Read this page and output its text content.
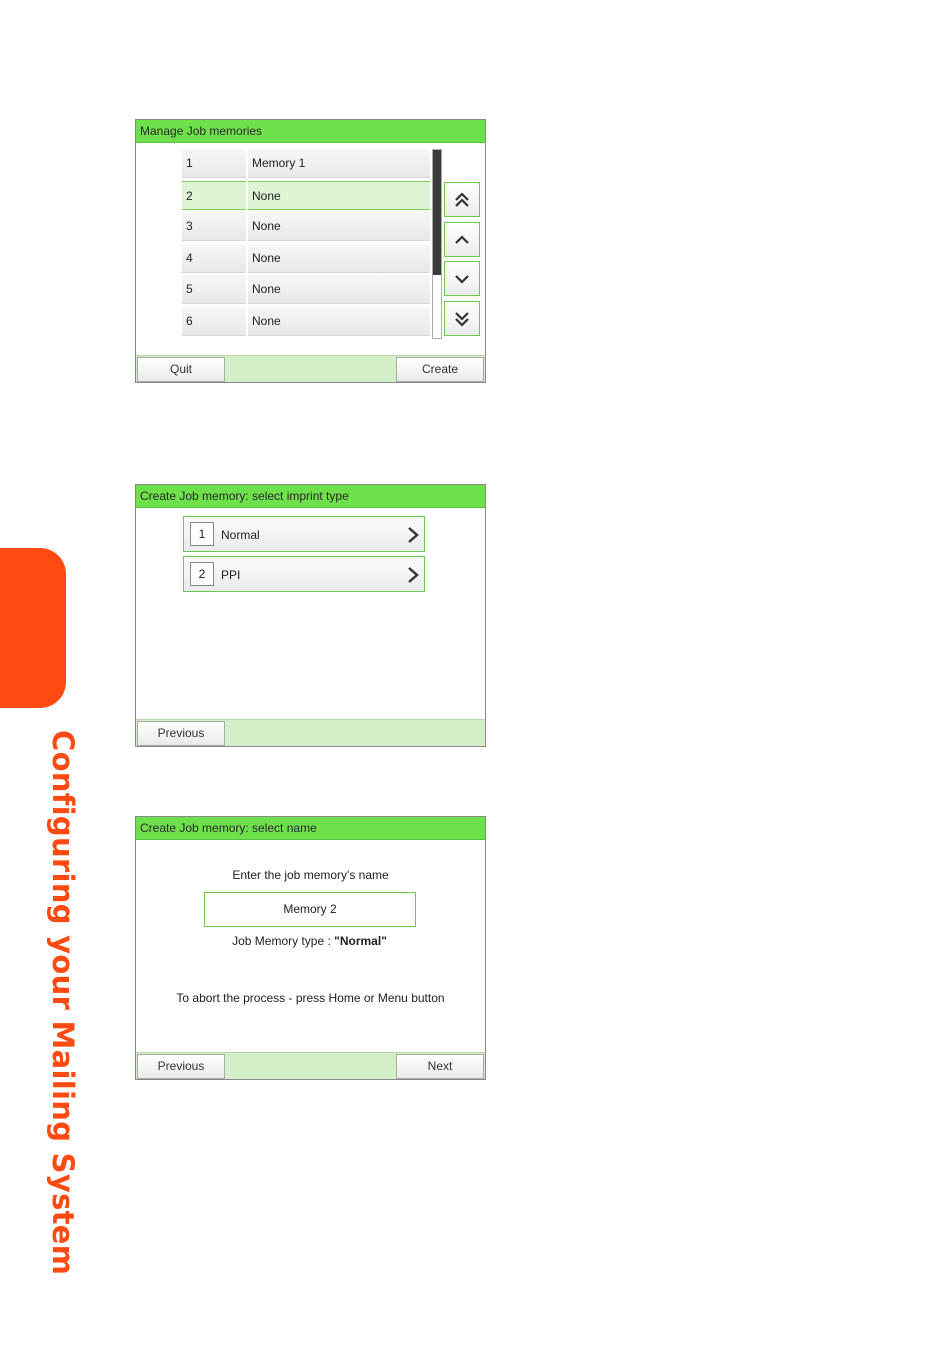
Configuring your Mailing System
Manage Job memories
1	Memory 1
2	None
3	None
4	None
5	None
6	None
Quit	Create
Create Job memory: select imprint type
1	Normal
2	PPI
Previous
Create Job memory: select name
Enter the job memory's name
Memory 2
Job Memory type : "Normal"
To abort the process - press Home or Menu button
Previous	Next
